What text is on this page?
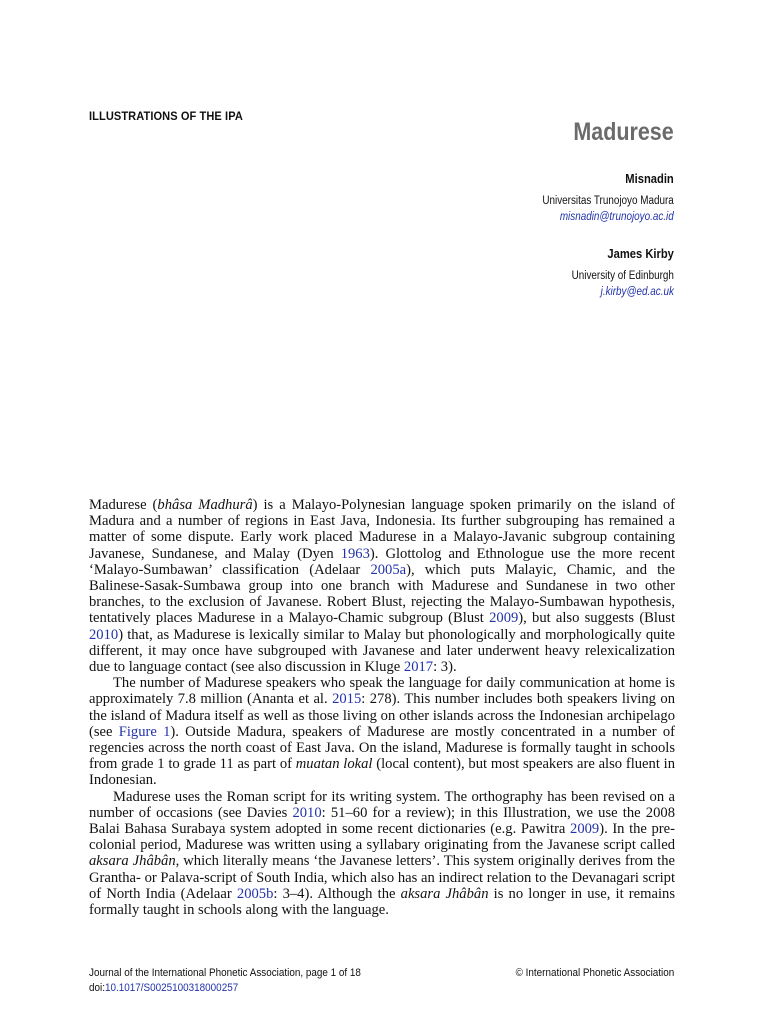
ILLUSTRATIONS OF THE IPA
Madurese
Misnadin
Universitas Trunojoyo Madura
misnadin@trunojoyo.ac.id
James Kirby
University of Edinburgh
j.kirby@ed.ac.uk

Madurese (bhâsa Madhurâ) is a Malayo-Polynesian language spoken primarily on the island of Madura and a number of regions in East Java, Indonesia. Its further subgrouping has remained a matter of some dispute. Early work placed Madurese in a Malayo-Javanic subgroup containing Javanese, Sundanese, and Malay (Dyen 1963). Glottolog and Ethnologue use the more recent ‘Malayo-Sumbawan’ classification (Adelaar 2005a), which puts Malayic, Chamic, and the Balinese-Sasak-Sumbawa group into one branch with Madurese and Sundanese in two other branches, to the exclusion of Javanese. Robert Blust, rejecting the Malayo-Sumbawan hypothesis, tentatively places Madurese in a Malayo-Chamic subgroup (Blust 2009), but also suggests (Blust 2010) that, as Madurese is lexically similar to Malay but phonologically and morphologically quite different, it may once have subgrouped with Javanese and later underwent heavy relexicalization due to language contact (see also discussion in Kluge 2017: 3).

The number of Madurese speakers who speak the language for daily communication at home is approximately 7.8 million (Ananta et al. 2015: 278). This number includes both speakers living on the island of Madura itself as well as those living on other islands across the Indonesian archipelago (see Figure 1). Outside Madura, speakers of Madurese are mostly concentrated in a number of regencies across the north coast of East Java. On the island, Madurese is formally taught in schools from grade 1 to grade 11 as part of muatan lokal (local content), but most speakers are also fluent in Indonesian.

Madurese uses the Roman script for its writing system. The orthography has been revised on a number of occasions (see Davies 2010: 51–60 for a review); in this Illustration, we use the 2008 Balai Bahasa Surabaya system adopted in some recent dictionaries (e.g. Pawitra 2009). In the pre-colonial period, Madurese was written using a syllabary originating from the Javanese script called aksara Jhâbân, which literally means ‘the Javanese letters’. This system originally derives from the Grantha- or Palava-script of South India, which also has an indirect relation to the Devanagari script of North India (Adelaar 2005b: 3–4). Although the aksara Jhâbân is no longer in use, it remains formally taught in schools along with the language.

Journal of the International Phonetic Association, page 1 of 18
doi:10.1017/S0025100318000257
© International Phonetic Association
